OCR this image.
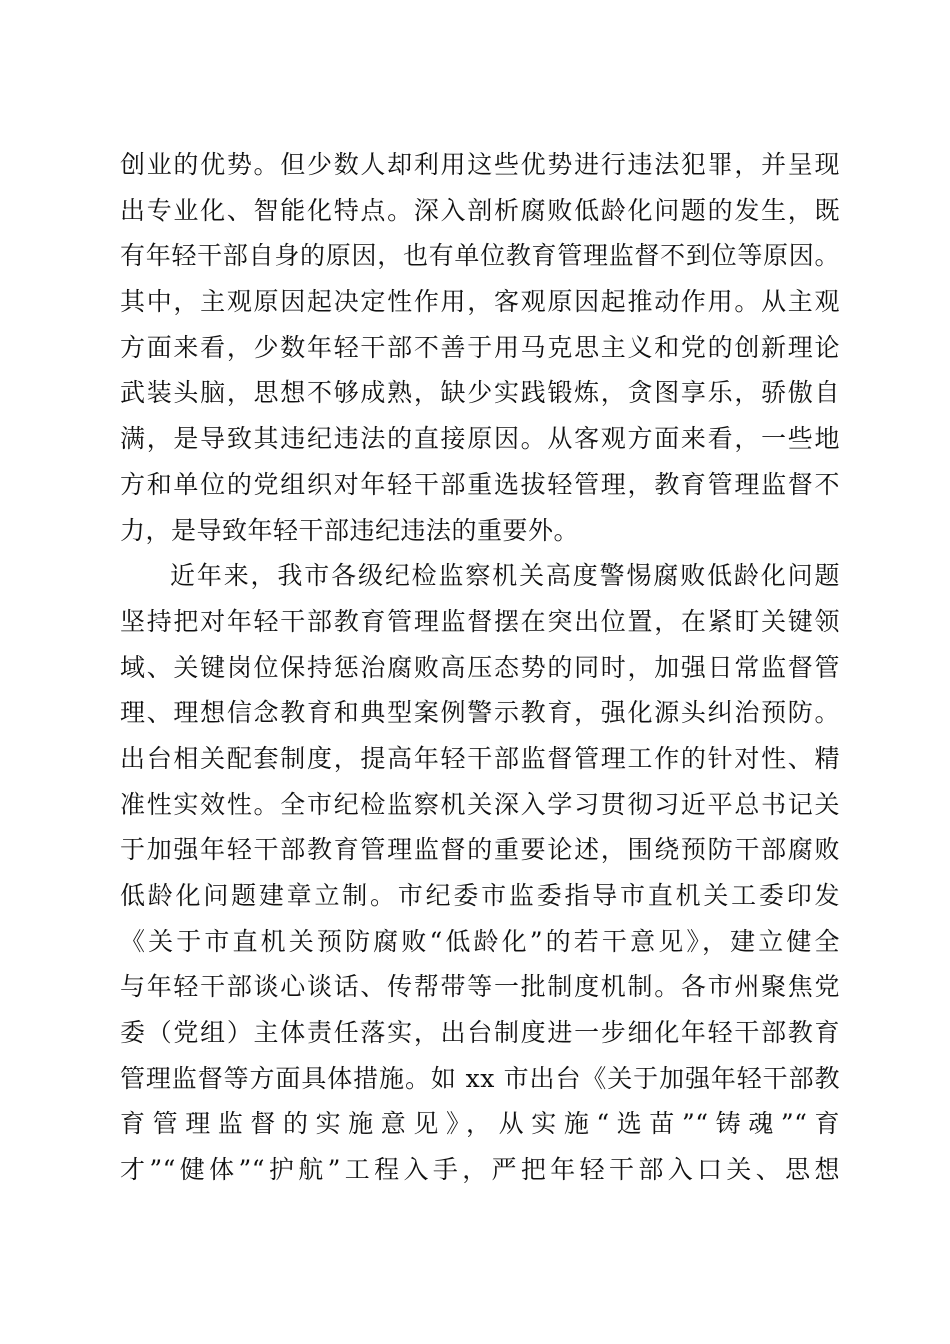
创业的优势。但少数人却利用这些优势进行违法犯罪，并呈现
出专业化、智能化特点。深入剖析腐败低龄化问题的发生，既
有年轻干部自身的原因，也有单位教育管理监督不到位等原因。
其中，主观原因起决定性作用，客观原因起推动作用。从主观
方面来看，少数年轻干部不善于用马克思主义和党的创新理论
武装头脑，思想不够成熟，缺少实践锻炼，贪图享乐，骄傲自
满，是导致其违纪违法的直接原因。从客观方面来看，一些地
方和单位的党组织对年轻干部重选拔轻管理，教育管理监督不
力，是导致年轻干部违纪违法的重要外。
近年来，我市各级纪检监察机关高度警惕腐败低龄化问题
坚持把对年轻干部教育管理监督摆在突出位置，在紧盯关键领
域、关键岗位保持惩治腐败高压态势的同时，加强日常监督管
理、理想信念教育和典型案例警示教育，强化源头纠治预防。
出台相关配套制度，提高年轻干部监督管理工作的针对性、精
准性实效性。全市纪检监察机关深入学习贯彻习近平总书记关
于加强年轻干部教育管理监督的重要论述，围绕预防干部腐败
低龄化问题建章立制。市纪委市监委指导市直机关工委印发
《关于市直机关预防腐败“低龄化”的若干意见》，建立健全
与年轻干部谈心谈话、传帮带等一批制度机制。各市州聚焦党
委（党组）主体责任落实，出台制度进一步细化年轻干部教育
管理监督等方面具体措施。如 xx 市出台《关于加强年轻干部教
育管理监督的实施意见》，从实施“选苗”“铸魂”“育
才”“健体”“护航”工程入手，严把年轻干部入口关、思想
